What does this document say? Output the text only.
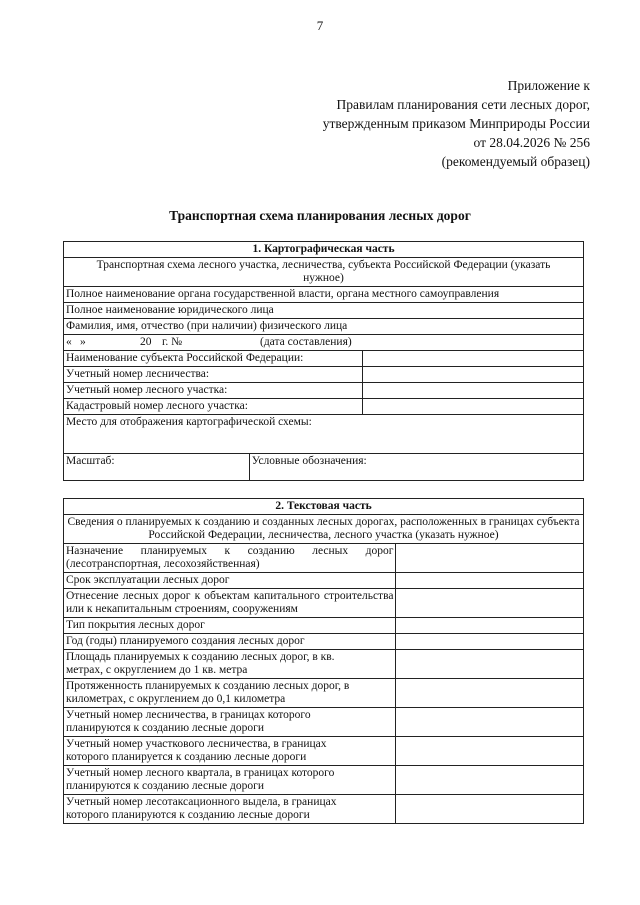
7
Приложение к
Правилам планирования сети лесных дорог,
утвержденным приказом Минприроды России
от 28.04.2026 № 256
(рекомендуемый образец)
Транспортная схема планирования лесных дорог
1. Картографическая часть		
Транспортная схема лесного участка, лесничества, субъекта Российской Федерации (указать нужное)		
Полное наименование органа государственной власти, органа местного самоуправления		
Полное наименование юридического лица		
Фамилия, имя, отчество (при наличии) физического лица		
« » 20 г. № (дата составления)		
Наименование субъекта Российской Федерации:		
Учетный номер лесничества:		
Учетный номер лесного участка:		
Кадастровый номер лесного участка:		
Место для отображения картографической схемы:		
Масштаб:	Условные обозначения:	
2. Текстовая часть	
Сведения о планируемых к созданию и созданных лесных дорогах, расположенных в границах субъекта Российской Федерации, лесничества, лесного участка (указать нужное)	
Назначение планируемых к созданию лесных дорог (лесотранспортная, лесохозяйственная)	
Срок эксплуатации лесных дорог	
Отнесение лесных дорог к объектам капитального строительства или к некапитальным строениям, сооружениям	
Тип покрытия лесных дорог	
Год (годы) планируемого создания лесных дорог	
Площадь планируемых к созданию лесных дорог, в кв. метрах, с округлением до 1 кв. метра	
Протяженность планируемых к созданию лесных дорог, в километрах, с округлением до 0,1 километра	
Учетный номер лесничества, в границах которого планируются к созданию лесные дороги	
Учетный номер участкового лесничества, в границах которого планируется к созданию лесные дороги	
Учетный номер лесного квартала, в границах которого планируются к созданию лесные дороги	
Учетный номер лесотаксационного выдела, в границах которого планируются к созданию лесные дороги	
